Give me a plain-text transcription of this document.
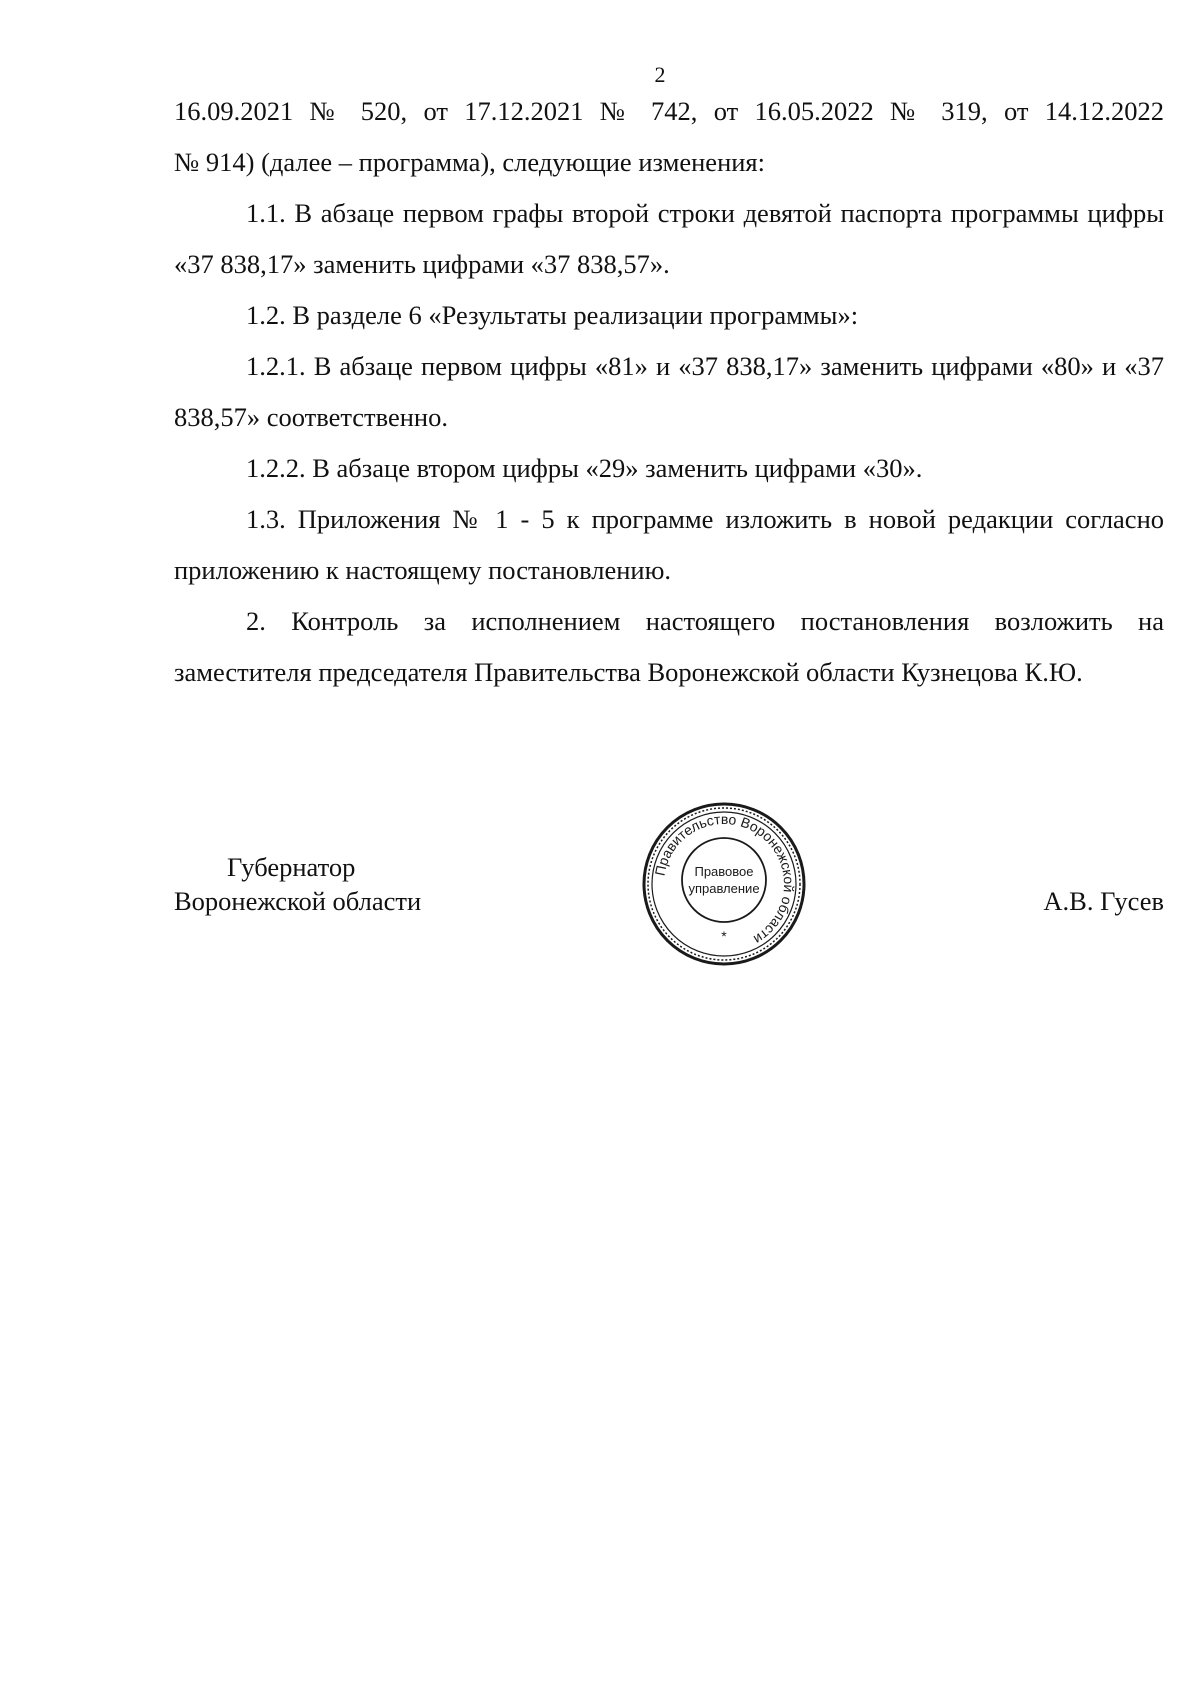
2

16.09.2021 № 520, от 17.12.2021 № 742, от 16.05.2022 № 319, от 14.12.2022
№ 914) (далее – программа), следующие изменения:

1.1. В абзаце первом графы второй строки девятой паспорта программы цифры «37 838,17» заменить цифрами «37 838,57».

1.2. В разделе 6 «Результаты реализации программы»:

1.2.1. В абзаце первом цифры «81» и «37 838,17» заменить цифрами «80» и «37 838,57» соответственно.

1.2.2. В абзаце втором цифры «29» заменить цифрами «30».

1.3. Приложения № 1 - 5 к программе изложить в новой редакции согласно приложению к настоящему постановлению.

2. Контроль за исполнением настоящего постановления возложить на заместителя председателя Правительства Воронежской области Кузнецова К.Ю.

Губернатор
Воронежской области	А.В. Гусев
Правительство Воронежской области
Правовое
управление
*
